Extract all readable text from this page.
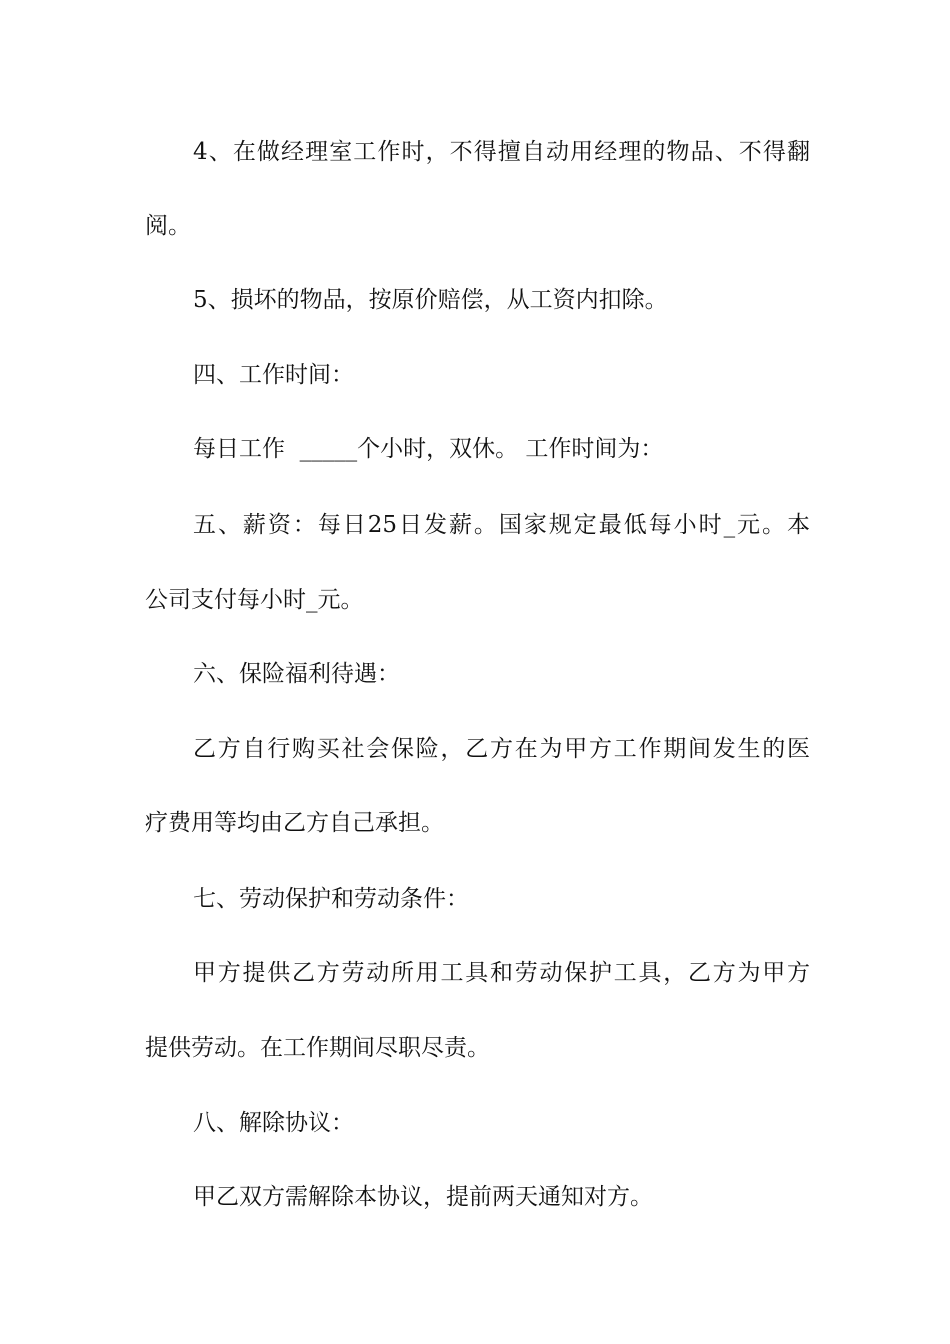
4、在做经理室工作时，不得擅自动用经理的物品、不得翻
阅。
5、损坏的物品，按原价赔偿，从工资内扣除。
四、工作时间：
每日工作  _____个小时，双休。 工作时间为：
五、薪资：每日25日发薪。国家规定最低每小时_元。本
公司支付每小时_元。
六、保险福利待遇：
乙方自行购买社会保险，乙方在为甲方工作期间发生的医
疗费用等均由乙方自己承担。
七、劳动保护和劳动条件：
甲方提供乙方劳动所用工具和劳动保护工具，乙方为甲方
提供劳动。在工作期间尽职尽责。
八、解除协议：
甲乙双方需解除本协议，提前两天通知对方。
